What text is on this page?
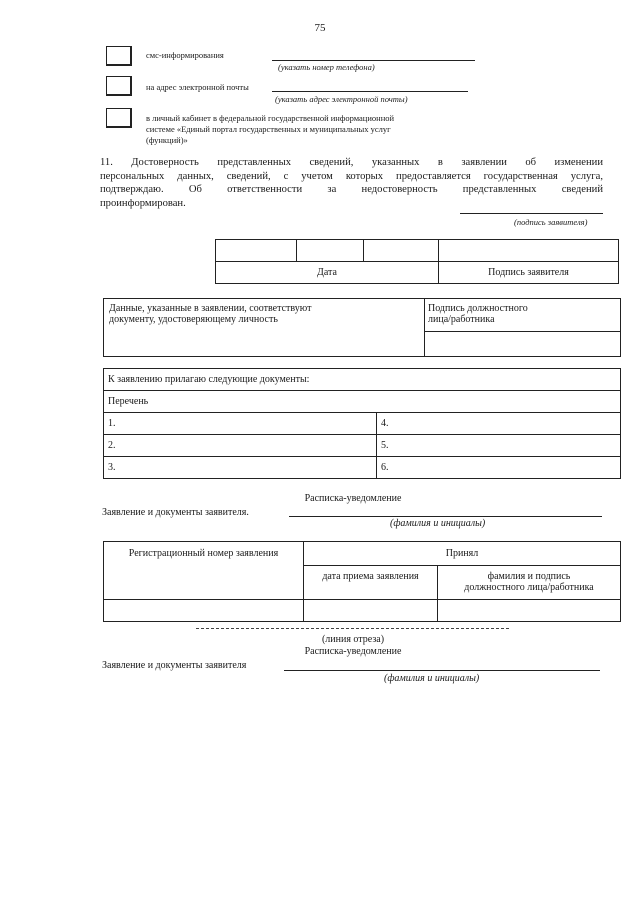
75
смс-информирования
(указать номер телефона)
на адрес электронной почты
(указать адрес электронной почты)
в личный кабинет в федеральной государственной информационной
системе «Единый портал государственных и муниципальных услуг
(функций)»
11. Достоверность представленных сведений, указанных в заявлении об изменении
персональных данных, сведений, с учетом которых предоставляется государственная услуга,
подтверждаю. Об ответственности за недостоверность представленных сведений
проинформирован.
(подпись заявителя)

Дата			Подпись заявителя
Данные, указанные в заявлении, соответствуют
документу, удостоверяющему личность

Подпись должностного
лица/работника
К заявлению прилагаю следующие документы:	
Перечень	
1.	4.
2.	5.
3.	6.
Расписка-уведомление
Заявление и документы заявителя.
(фамилия и инициалы)
Регистрационный номер заявления	Принял	
	дата приема заявления	фамилия и подпись
должностного лица/работника

(линия отреза)
Расписка-уведомление
Заявление и документы заявителя
(фамилия и инициалы)
